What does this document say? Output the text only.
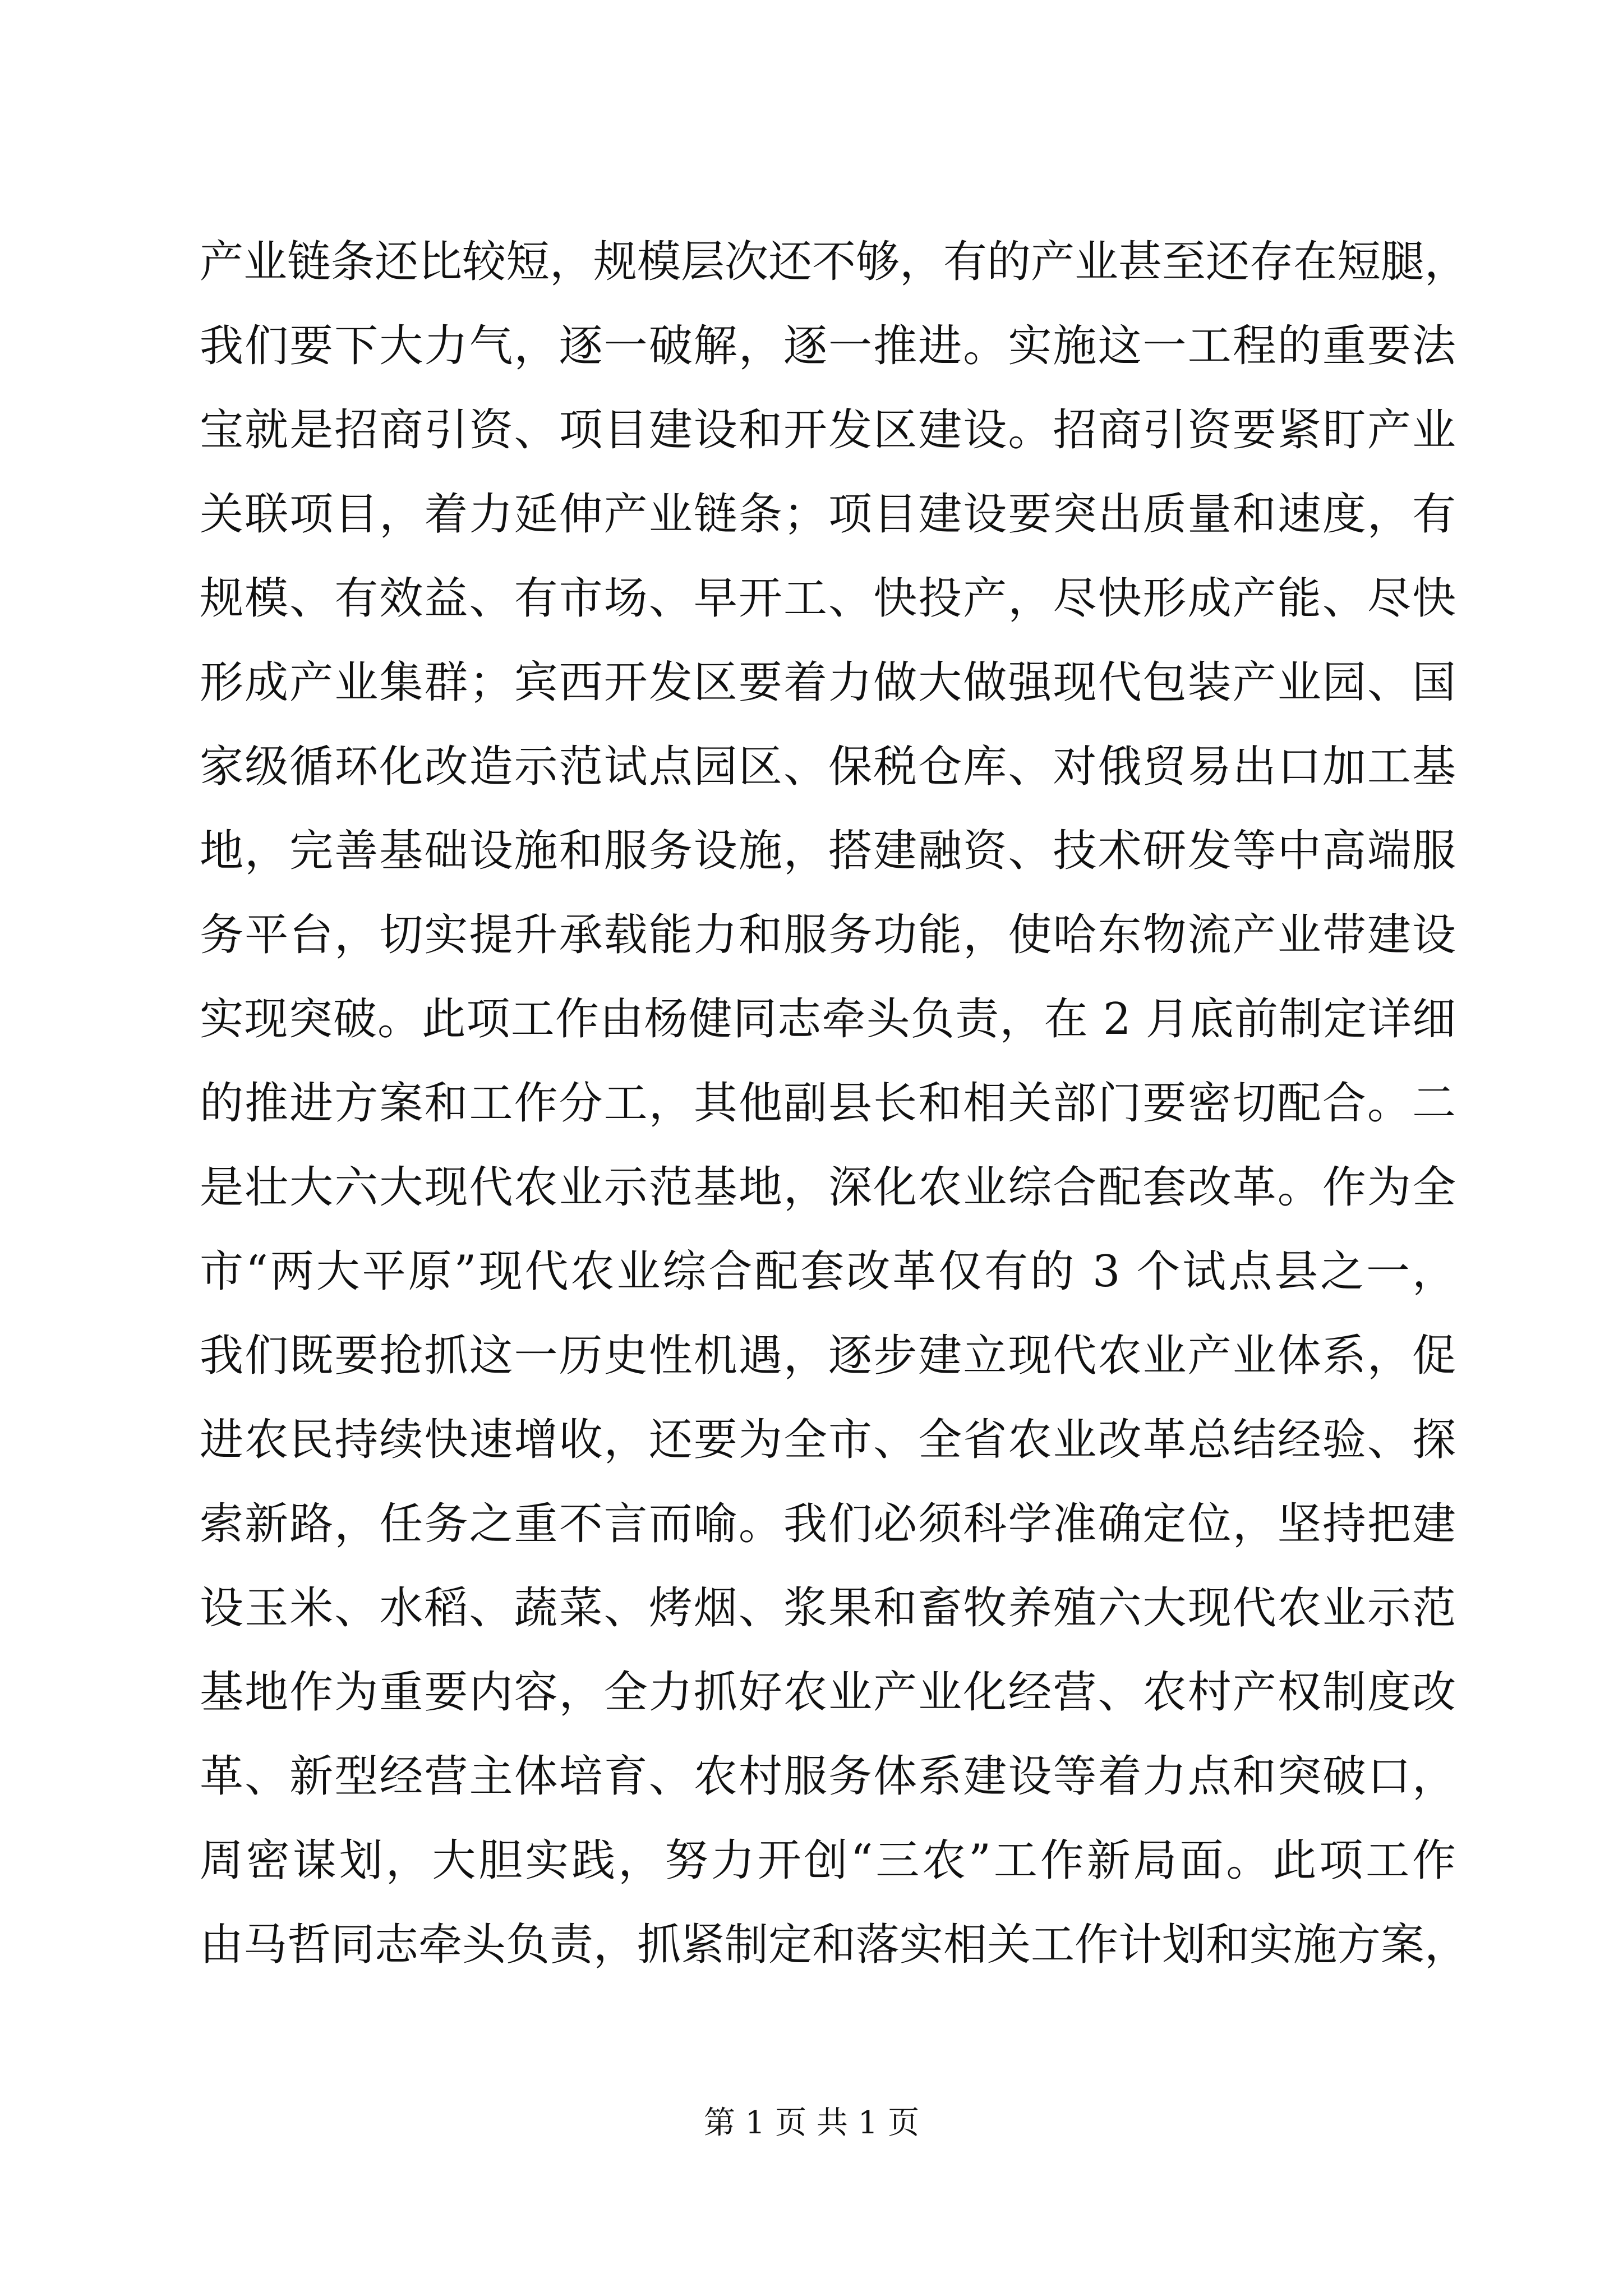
产业链条还比较短，规模层次还不够，有的产业甚至还存在短腿，
我们要下大力气，逐一破解，逐一推进。实施这一工程的重要法
宝就是招商引资、项目建设和开发区建设。招商引资要紧盯产业
关联项目，着力延伸产业链条；项目建设要突出质量和速度，有
规模、有效益、有市场、早开工、快投产，尽快形成产能、尽快
形成产业集群；宾西开发区要着力做大做强现代包装产业园、国
家级循环化改造示范试点园区、保税仓库、对俄贸易出口加工基
地，完善基础设施和服务设施，搭建融资、技术研发等中高端服
务平台，切实提升承载能力和服务功能，使哈东物流产业带建设
实现突破。此项工作由杨健同志牵头负责，在 2 月底前制定详细
的推进方案和工作分工，其他副县长和相关部门要密切配合。二
是壮大六大现代农业示范基地，深化农业综合配套改革。作为全
市“两大平原”现代农业综合配套改革仅有的 3 个试点县之一，
我们既要抢抓这一历史性机遇，逐步建立现代农业产业体系，促
进农民持续快速增收，还要为全市、全省农业改革总结经验、探
索新路，任务之重不言而喻。我们必须科学准确定位，坚持把建
设玉米、水稻、蔬菜、烤烟、浆果和畜牧养殖六大现代农业示范
基地作为重要内容，全力抓好农业产业化经营、农村产权制度改
革、新型经营主体培育、农村服务体系建设等着力点和突破口，
周密谋划，大胆实践，努力开创“三农”工作新局面。此项工作
由马哲同志牵头负责，抓紧制定和落实相关工作计划和实施方案，
第 1 页 共 1 页
